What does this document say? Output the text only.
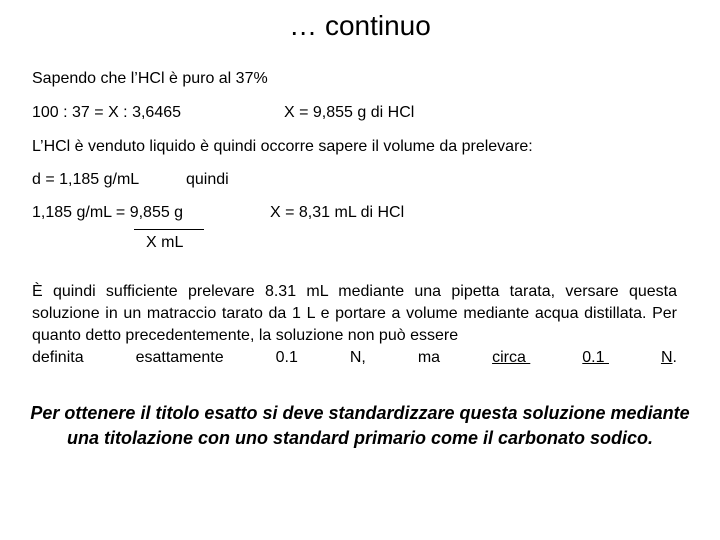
… continuo
Sapendo che l’HCl è puro al 37%
100 : 37 = X : 3,6465	X = 9,855 g di HCl
L’HCl è venduto liquido è quindi occorre sapere il volume da prelevare:
d = 1,185 g/mL	quindi
1,185 g/mL = 9,855 g	X = 8,31 mL di HCl
X mL
È quindi sufficiente prelevare 8.31 mL mediante una pipetta tarata, versare questa soluzione in un matraccio tarato da 1 L e portare a volume mediante acqua distillata. Per quanto detto precedentemente, la soluzione non può essere
definita	esattamente	0.1	N,	ma	circa	0.1	N.
Per ottenere il titolo esatto si deve standardizzare questa soluzione mediante una titolazione con uno standard primario come il carbonato sodico.
